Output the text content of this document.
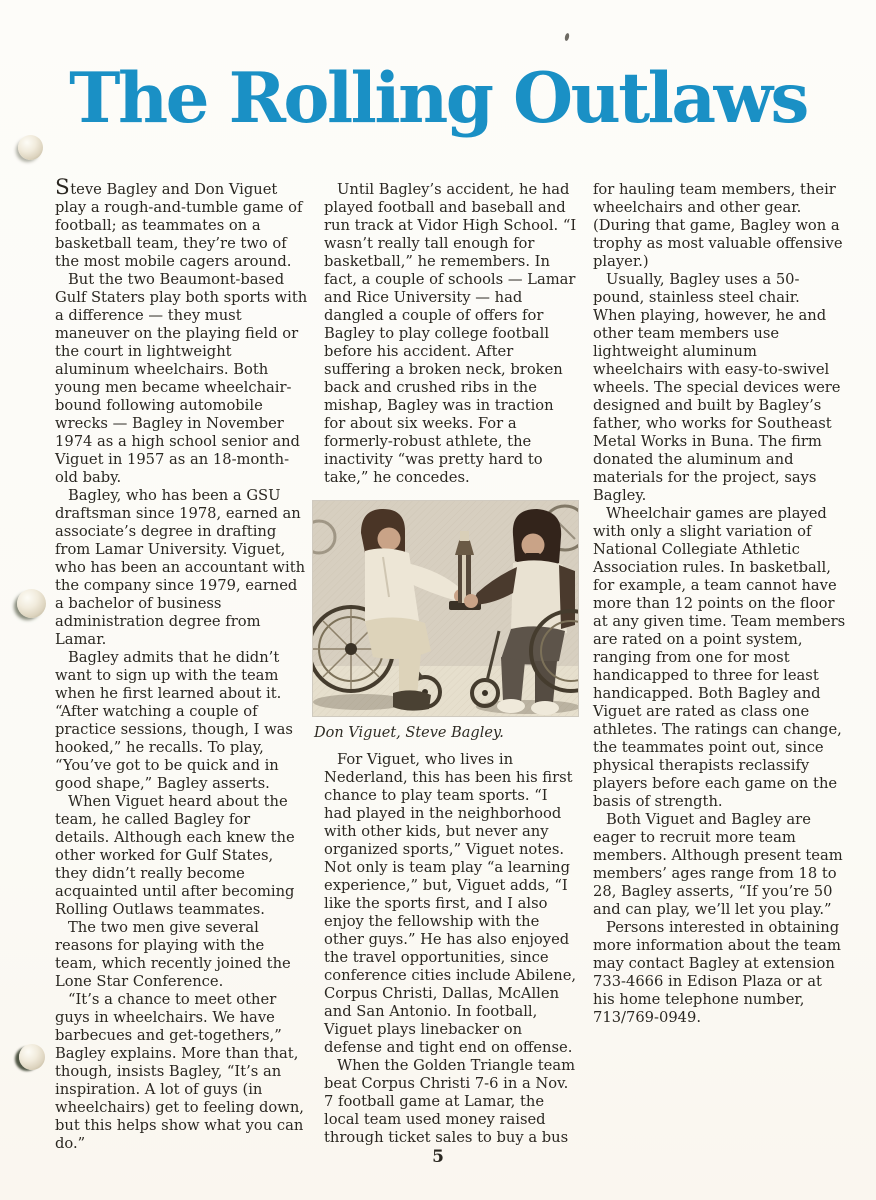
The Rolling Outlaws

Steve Bagley and Don Viguet play a rough-and-tumble game of football; as teammates on a basketball team, they’re two of the most mobile cagers around.

But the two Beaumont-based Gulf Staters play both sports with a difference — they must maneuver on the playing field or the court in lightweight aluminum wheelchairs. Both young men became wheelchair-bound following automobile wrecks — Bagley in November 1974 as a high school senior and Viguet in 1957 as an 18-month-old baby.

Bagley, who has been a GSU draftsman since 1978, earned an associate’s degree in drafting from Lamar University. Viguet, who has been an accountant with the company since 1979, earned a bachelor of business administration degree from Lamar.

Bagley admits that he didn’t want to sign up with the team when he first learned about it. “After watching a couple of practice sessions, though, I was hooked,” he recalls. To play, “You’ve got to be quick and in good shape,” Bagley asserts.

When Viguet heard about the team, he called Bagley for details. Although each knew the other worked for Gulf States, they didn’t really become acquainted until after becoming Rolling Outlaws teammates.

The two men give several reasons for playing with the team, which recently joined the Lone Star Conference.

“It’s a chance to meet other guys in wheelchairs. We have barbecues and get-togethers,” Bagley explains. More than that, though, insists Bagley, “It’s an inspiration. A lot of guys (in wheelchairs) get to feeling down, but this helps show what you can do.”

Until Bagley’s accident, he had played football and baseball and run track at Vidor High School. “I wasn’t really tall enough for basketball,” he remembers. In fact, a couple of schools — Lamar and Rice University — had dangled a couple of offers for Bagley to play college football before his accident. After suffering a broken neck, broken back and crushed ribs in the mishap, Bagley was in traction for about six weeks. For a formerly-robust athlete, the inactivity “was pretty hard to take,” he concedes.

Don Viguet, Steve Bagley.

For Viguet, who lives in Nederland, this has been his first chance to play team sports. “I had played in the neighborhood with other kids, but never any organized sports,” Viguet notes. Not only is team play “a learning experience,” but, Viguet adds, “I like the sports first, and I also enjoy the fellowship with the other guys.” He has also enjoyed the travel opportunities, since conference cities include Abilene, Corpus Christi, Dallas, McAllen and San Antonio. In football, Viguet plays linebacker on defense and tight end on offense.

When the Golden Triangle team beat Corpus Christi 7-6 in a Nov. 7 football game at Lamar, the local team used money raised through ticket sales to buy a bus

for hauling team members, their wheelchairs and other gear. (During that game, Bagley won a trophy as most valuable offensive player.)

Usually, Bagley uses a 50-pound, stainless steel chair. When playing, however, he and other team members use lightweight aluminum wheelchairs with easy-to-swivel wheels. The special devices were designed and built by Bagley’s father, who works for Southeast Metal Works in Buna. The firm donated the aluminum and materials for the project, says Bagley.

Wheelchair games are played with only a slight variation of National Collegiate Athletic Association rules. In basketball, for example, a team cannot have more than 12 points on the floor at any given time. Team members are rated on a point system, ranging from one for most handicapped to three for least handicapped. Both Bagley and Viguet are rated as class one athletes. The ratings can change, the teammates point out, since physical therapists reclassify players before each game on the basis of strength.

Both Viguet and Bagley are eager to recruit more team members. Although present team members’ ages range from 18 to 28, Bagley asserts, “If you’re 50 and can play, we’ll let you play.”

Persons interested in obtaining more information about the team may contact Bagley at extension 733-4666 in Edison Plaza or at his home telephone number, 713/769-0949.

5
